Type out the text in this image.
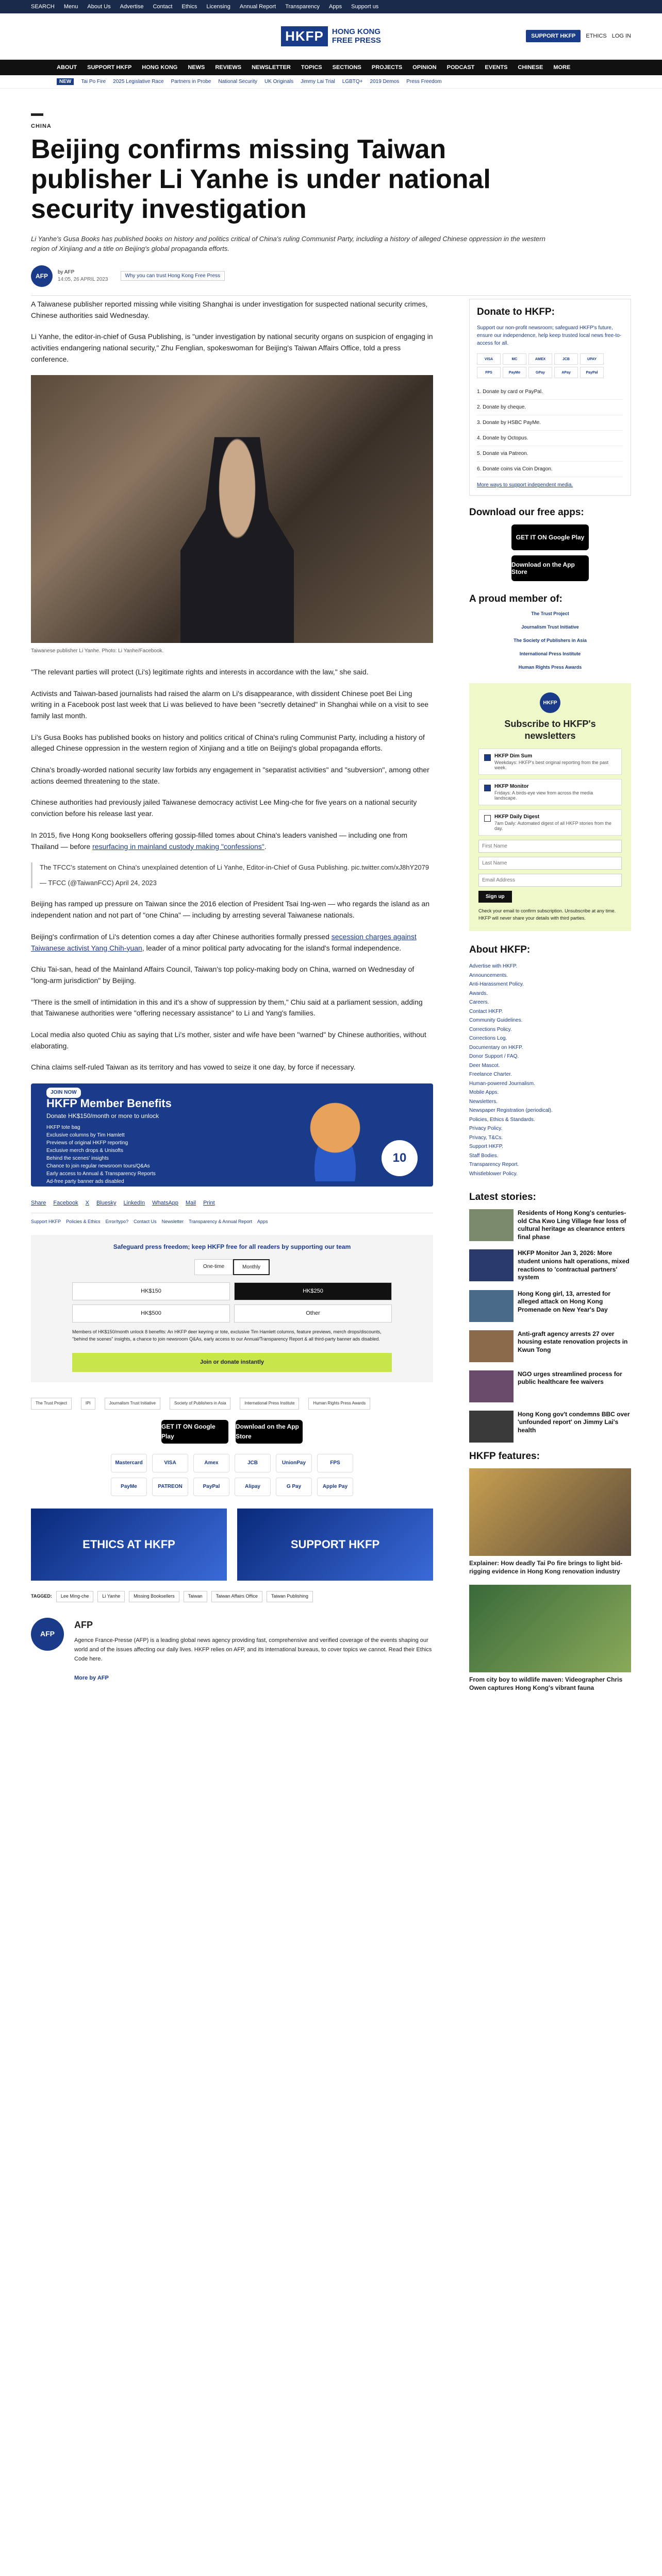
SEARCH Menu About Us Advertise Contact Ethics Licensing Annual Report Transparency Apps Support us
HKFP	HONG KONG
FREE PRESS	SUPPORT HKFP	ETHICS LOG IN
ABOUT SUPPORT HKFP HONG KONG NEWS REVIEWS NEWSLETTER TOPICS SECTIONS PROJECTS OPINION PODCAST EVENTS CHINESE MORE
NEW	Tai Po Fire 2025 Legislative Race Partners in Probe National Security UK Originals Jimmy Lai Trial LGBTQ+ 2019 Demos Press Freedom
CHINA
Beijing confirms missing Taiwan publisher Li Yanhe is under national security investigation

Li Yanhe's Gusa Books has published books on history and politics critical of China's ruling Communist Party, including a history of alleged Chinese oppression in the western region of Xinjiang and a title on Beijing's global propaganda efforts.

AFP	by AFP
14:05, 26 APRIL 2023
Why you can trust Hong Kong Free Press

A Taiwanese publisher reported missing while visiting Shanghai is under investigation for suspected national security crimes, Chinese authorities said Wednesday.

Li Yanhe, the editor-in-chief of Gusa Publishing, is "under investigation by national security organs on suspicion of engaging in activities endangering national security," Zhu Fenglian, spokeswoman for Beijing's Taiwan Affairs Office, told a press conference.

Taiwanese publisher Li Yanhe. Photo: Li Yanhe/Facebook.

"The relevant parties will protect (Li's) legitimate rights and interests in accordance with the law," she said.

Activists and Taiwan-based journalists had raised the alarm on Li's disappearance, with dissident Chinese poet Bei Ling writing in a Facebook post last week that Li was believed to have been "secretly detained" in Shanghai while on a visit to see family last month.

Li's Gusa Books has published books on history and politics critical of China's ruling Communist Party, including a history of alleged Chinese oppression in the western region of Xinjiang and a title on Beijing's global propaganda efforts.

China's broadly-worded national security law forbids any engagement in "separatist activities" and "subversion", among other actions deemed threatening to the state.

Chinese authorities had previously jailed Taiwanese democracy activist Lee Ming-che for five years on a national security conviction before his release last year.

In 2015, five Hong Kong booksellers offering gossip-filled tomes about China's leaders vanished — including one from Thailand — before resurfacing in mainland custody making "confessions".

The TFCC's statement on China's unexplained detention of Li Yanhe, Editor-in-Chief of Gusa Publishing. pic.twitter.com/xJ8hY2079

— TFCC (@TaiwanFCC) April 24, 2023

Beijing has ramped up pressure on Taiwan since the 2016 election of President Tsai Ing-wen — who regards the island as an independent nation and not part of "one China" — including by arresting several Taiwanese nationals.

Beijing's confirmation of Li's detention comes a day after Chinese authorities formally pressed secession charges against Taiwanese activist Yang Chih-yuan, leader of a minor political party advocating for the island's formal independence.

Chiu Tai-san, head of the Mainland Affairs Council, Taiwan's top policy-making body on China, warned on Wednesday of "long-arm jurisdiction" by Beijing.

"There is the smell of intimidation in this and it's a show of suppression by them," Chiu said at a parliament session, adding that Taiwanese authorities were "offering necessary assistance" to Li and Yang's families.

Local media also quoted Chiu as saying that Li's mother, sister and wife have been "warned" by Chinese authorities, without elaborating.

China claims self-ruled Taiwan as its territory and has vowed to seize it one day, by force if necessary.

JOIN NOW
HKFP Member Benefits
Donate HK$150/month or more to unlock
HKFP tote bag
Exclusive columns by Tim Hamlett
Previews of original HKFP reporting
Exclusive merch drops & Unisofts
Behind the scenes' insights
Chance to join regular newsroom tours/Q&As
Early access to Annual & Transparency Reports
Ad-free party banner ads disabled
10
Share Facebook X Bluesky LinkedIn WhatsApp Mail Print
Support HKFP Policies & Ethics Error/typo? Contact Us Newsletter Transparency & Annual Report Apps
Safeguard press freedom; keep HKFP free for all readers by supporting our team
One-time	Monthly
HK$150	HK$250
HK$500	Other

Members of HK$150/month unlock 8 benefits: An HKFP deer keyring or tote, exclusive Tim Hamlett columns, feature previews, merch drops/discounts, "behind the scenes" insights, a chance to join newsroom Q&As, early access to our Annual/Transparency Report & all third-party banner ads disabled.

Join or donate instantly
The Trust Project	IPI	Journalism Trust Initiative	Society of Publishers in Asia	International Press Institute	Human Rights Press Awards
GET IT ON Google Play
Download on the App Store
Mastercard	VISA	Amex	JCB	UnionPay	FPS
PayMe	PATREON	PayPal	Alipay	G Pay	Apple Pay
ETHICS AT HKFP	SUPPORT HKFP
TAGGED:	Lee Ming-che	Li Yanhe	Missing Booksellers	Taiwan	Taiwan Affairs Office	Taiwan Publishing
AFP
AFP

Agence France-Presse (AFP) is a leading global news agency providing fast, comprehensive and verified coverage of the events shaping our world and of the issues affecting our daily lives. HKFP relies on AFP, and its international bureaus, to cover topics we cannot. Read their Ethics Code here.

More by AFP

Donate to HKFP:

Support our non-profit newsroom; safeguard HKFP's future, ensure our independence, help keep trusted local news free-to-access for all.

VISA	MC	AMEX	JCB	UPAY
FPS	PayMe	GPay	APay	PayPal
1. Donate by card or PayPal.
2. Donate by cheque.
3. Donate by HSBC PayMe.
4. Donate by Octopus.
5. Donate via Patreon.
6. Donate coins via Coin Dragon.
More ways to support independent media.
Download our free apps:
GET IT ON Google Play
Download on the App Store
A proud member of:
The Trust Project
Journalism Trust Initiative
The Society of Publishers in Asia
International Press Institute
Human Rights Press Awards
HKFP
Subscribe to HKFP's newsletters
HKFP Dim Sum
Weekdays: HKFP's best original reporting from the past week.
HKFP Monitor
Fridays: A birds-eye view from across the media landscape.
HKFP Daily Digest
7am Daily: Automated digest of all HKFP stories from the day.
First Name
Last Name
Email Address Sign up

Check your email to confirm subscription. Unsubscribe at any time. HKFP will never share your details with third parties.

About HKFP:
Advertise with HKFP.
Announcements.
Anti-Harassment Policy.
Awards.
Careers.
Contact HKFP.
Community Guidelines.
Corrections Policy.
Corrections Log.
Documentary on HKFP.
Donor Support / FAQ.
Deer Mascot.
Freelance Charter.
Human-powered Journalism.
Mobile Apps.
Newsletters.
Newspaper Registration (periodical).
Policies, Ethics & Standards.
Privacy Policy.
Privacy, T&Cs.
Support HKFP.
Staff Bodies.
Transparency Report.
Whistleblower Policy.
Latest stories:
Residents of Hong Kong's centuries-old Cha Kwo Ling Village fear loss of cultural heritage as clearance enters final phase
HKFP Monitor Jan 3, 2026: More student unions halt operations, mixed reactions to 'contractual partners' system
Hong Kong girl, 13, arrested for alleged attack on Hong Kong Promenade on New Year's Day
Anti-graft agency arrests 27 over housing estate renovation projects in Kwun Tong
NGO urges streamlined process for public healthcare fee waivers
Hong Kong gov't condemns BBC over 'unfounded report' on Jimmy Lai's health
HKFP features:
Explainer: How deadly Tai Po fire brings to light bid-rigging evidence in Hong Kong renovation industry
From city boy to wildlife maven: Videographer Chris Owen captures Hong Kong's vibrant fauna
